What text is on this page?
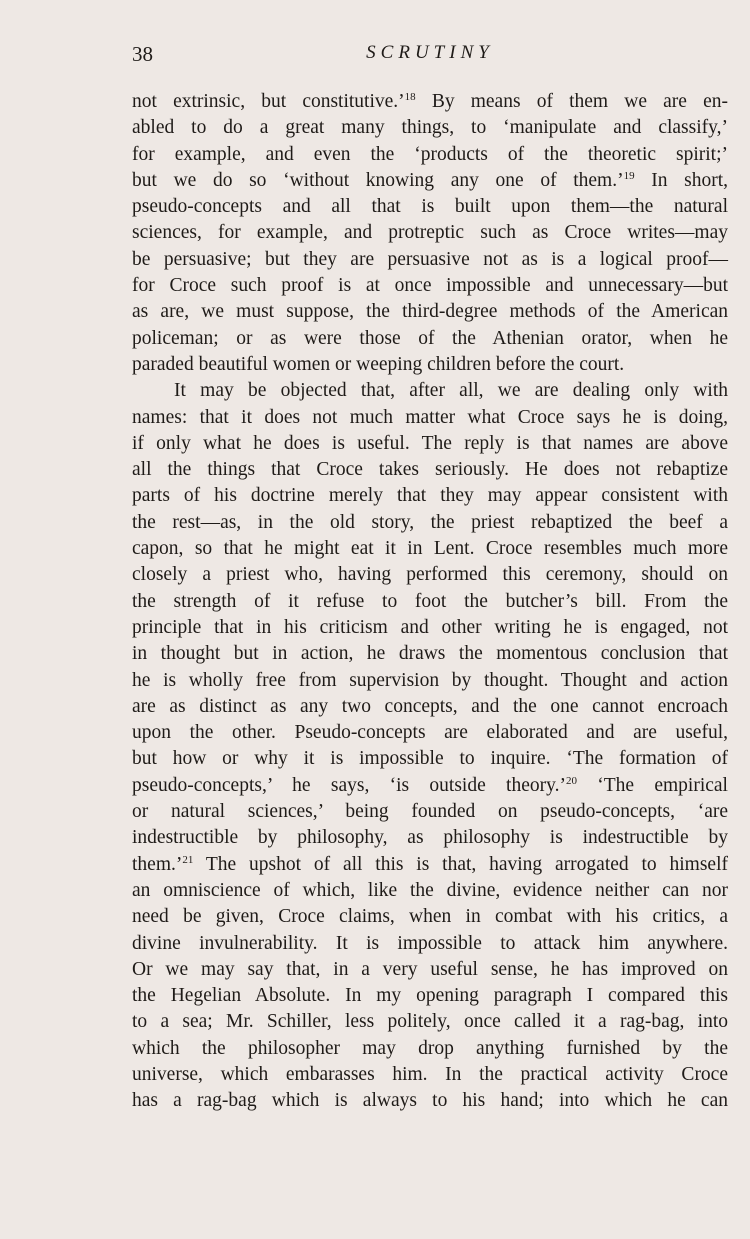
38	SCRUTINY
not extrinsic, but constitutive.’$^{18}$ By means of them we are en-
abled to do a great many things, to ‘manipulate and classify,’
for example, and even the ‘products of the theoretic spirit;’
but we do so ‘without knowing any one of them.’$^{19}$ In short,
pseudo-concepts and all that is built upon them—the natural
sciences, for example, and protreptic such as Croce writes—may
be persuasive; but they are persuasive not as is a logical proof—
for Croce such proof is at once impossible and unnecessary—but
as are, we must suppose, the third-degree methods of the American
policeman; or as were those of the Athenian orator, when he
paraded beautiful women or weeping children before the court.
It may be objected that, after all, we are dealing only with
names: that it does not much matter what Croce says he is doing,
if only what he does is useful. The reply is that names are above
all the things that Croce takes seriously. He does not rebaptize
parts of his doctrine merely that they may appear consistent with
the rest—as, in the old story, the priest rebaptized the beef a
capon, so that he might eat it in Lent. Croce resembles much more
closely a priest who, having performed this ceremony, should on
the strength of it refuse to foot the butcher’s bill. From the
principle that in his criticism and other writing he is engaged, not
in thought but in action, he draws the momentous conclusion that
he is wholly free from supervision by thought. Thought and action
are as distinct as any two concepts, and the one cannot encroach
upon the other. Pseudo-concepts are elaborated and are useful,
but how or why it is impossible to inquire. ‘The formation of
pseudo-concepts,’ he says, ‘is outside theory.’$^{20}$ ‘The empirical
or natural sciences,’ being founded on pseudo-concepts, ‘are
indestructible by philosophy, as philosophy is indestructible by
them.’$^{21}$ The upshot of all this is that, having arrogated to himself
an omniscience of which, like the divine, evidence neither can nor
need be given, Croce claims, when in combat with his critics, a
divine invulnerability. It is impossible to attack him anywhere.
Or we may say that, in a very useful sense, he has improved on
the Hegelian Absolute. In my opening paragraph I compared this
to a sea; Mr. Schiller, less politely, once called it a rag-bag, into
which the philosopher may drop anything furnished by the
universe, which embarasses him. In the practical activity Croce
has a rag-bag which is always to his hand; into which he can
